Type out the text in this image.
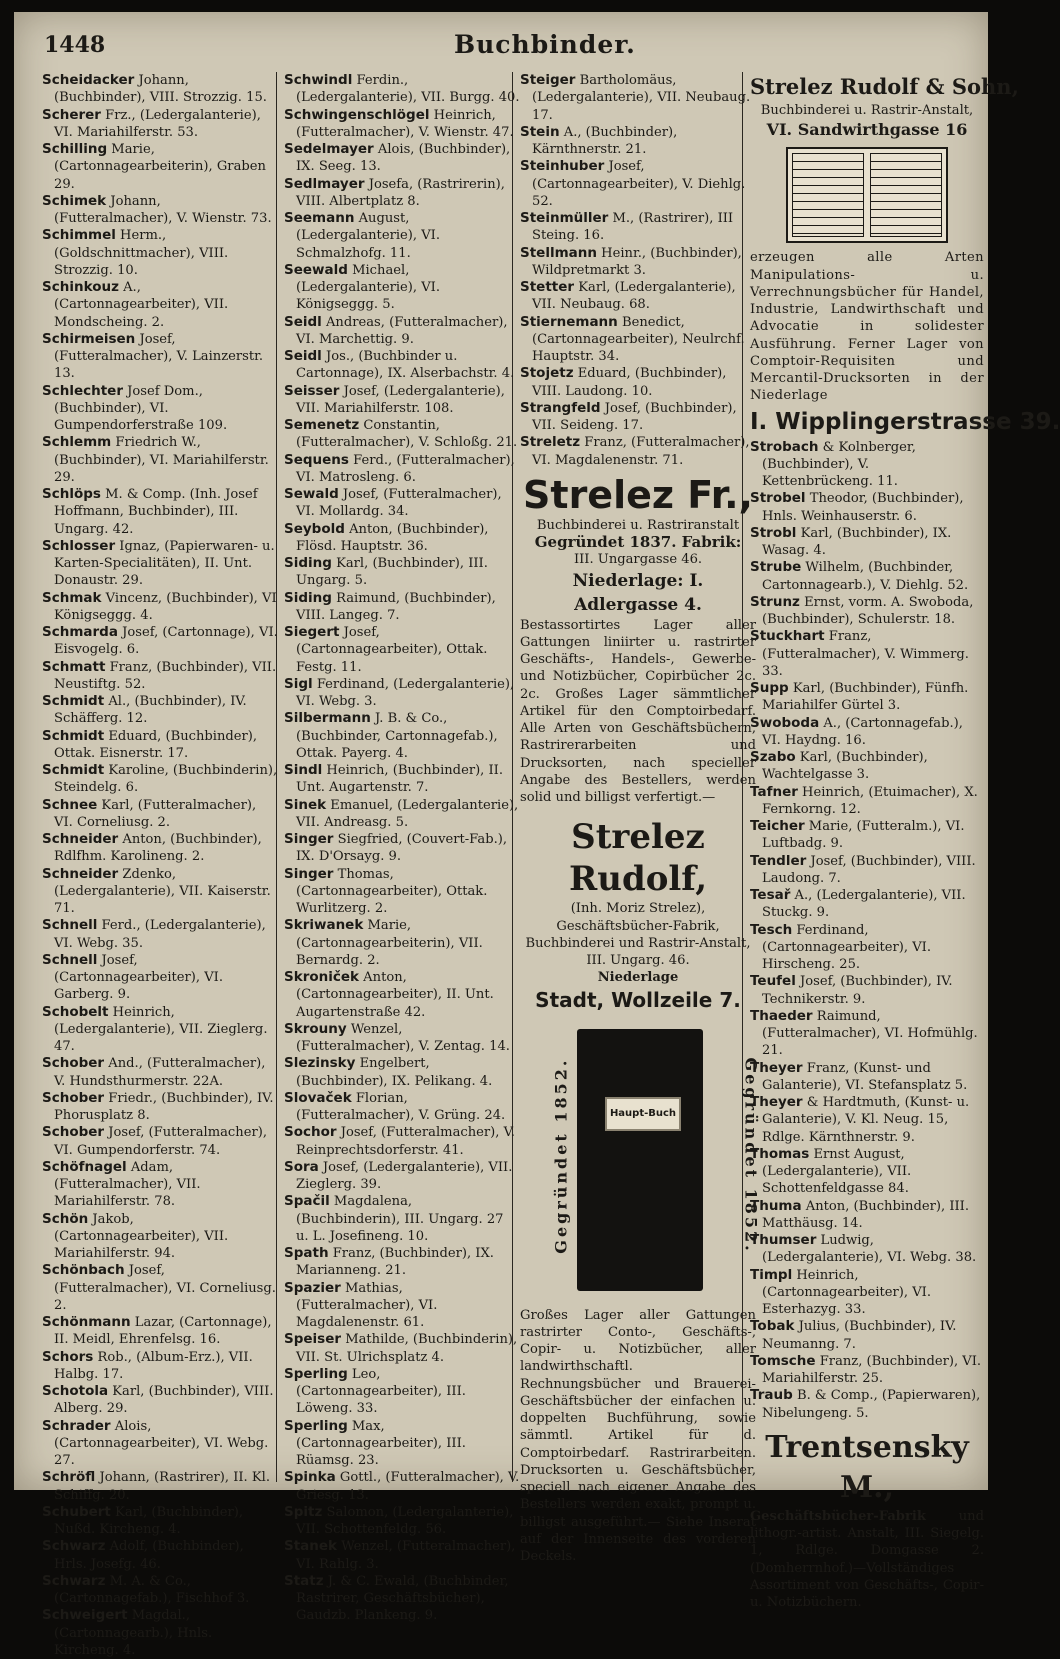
1448	Buchbinder.

Scheidacker Johann, (Buchbinder), VIII. Strozzig. 15.

Scherer Frz., (Ledergalanterie), VI. Mariahilferstr. 53.

Schilling Marie, (Cartonnagearbeiterin), Graben 29.

Schimek Johann, (Futteralmacher), V. Wienstr. 73.

Schimmel Herm., (Goldschnittmacher), VIII. Strozzig. 10.

Schinkouz A., (Cartonnagearbeiter), VII. Mondscheing. 2.

Schirmeisen Josef, (Futteralmacher), V. Lainzerstr. 13.

Schlechter Josef Dom., (Buchbinder), VI. Gumpendorferstraße 109.

Schlemm Friedrich W., (Buchbinder), VI. Mariahilferstr. 29.

Schlöps M. & Comp. (Inh. Josef Hoffmann, Buchbinder), III. Ungarg. 42.

Schlosser Ignaz, (Papierwaren- u. Karten-Specialitäten), II. Unt. Donaustr. 29.

Schmak Vincenz, (Buchbinder), VI Königseggg. 4.

Schmarda Josef, (Cartonnage), VI. Eisvogelg. 6.

Schmatt Franz, (Buchbinder), VII. Neustiftg. 52.

Schmidt Al., (Buchbinder), IV. Schäfferg. 12.

Schmidt Eduard, (Buchbinder), Ottak. Eisnerstr. 17.

Schmidt Karoline, (Buchbinderin), Steindelg. 6.

Schnee Karl, (Futteralmacher), VI. Corneliusg. 2.

Schneider Anton, (Buchbinder), Rdlfhm. Karolineng. 2.

Schneider Zdenko, (Ledergalanterie), VII. Kaiserstr. 71.

Schnell Ferd., (Ledergalanterie), VI. Webg. 35.

Schnell Josef, (Cartonnagearbeiter), VI. Garberg. 9.

Schobelt Heinrich, (Ledergalanterie), VII. Zieglerg. 47.

Schober And., (Futteralmacher), V. Hundsthurmerstr. 22A.

Schober Friedr., (Buchbinder), IV. Phorusplatz 8.

Schober Josef, (Futteralmacher), VI. Gumpendorferstr. 74.

Schöfnagel Adam, (Futteralmacher), VII. Mariahilferstr. 78.

Schön Jakob, (Cartonnagearbeiter), VII. Mariahilferstr. 94.

Schönbach Josef, (Futteralmacher), VI. Corneliusg. 2.

Schönmann Lazar, (Cartonnage), II. Meidl, Ehrenfelsg. 16.

Schors Rob., (Album-Erz.), VII. Halbg. 17.

Schotola Karl, (Buchbinder), VIII. Alberg. 29.

Schrader Alois, (Cartonnagearbeiter), VI. Webg. 27.

Schröfl Johann, (Rastrirer), II. Kl. Schiffg. 20.

Schubert Karl, (Buchbinder), Nußd. Kircheng. 4.

Schwarz Adolf, (Buchbinder), Hrls. Josefg. 46.

Schwarz M. A. & Co., (Cartonnagefab.), Fischhof 3.

Schweigert Magdal., (Cartonnagearb.), Hnls. Kircheng. 4.

Schwindl Ferdin., (Ledergalanterie), VII. Burgg. 40.

Schwingenschlögel Heinrich, (Futteralmacher), V. Wienstr. 47.

Sedelmayer Alois, (Buchbinder), IX. Seeg. 13.

Sedlmayer Josefa, (Rastrirerin), VIII. Albertplatz 8.

Seemann August, (Ledergalanterie), VI. Schmalzhofg. 11.

Seewald Michael, (Ledergalanterie), VI. Königseggg. 5.

Seidl Andreas, (Futteralmacher), VI. Marchettig. 9.

Seidl Jos., (Buchbinder u. Cartonnage), IX. Alserbachstr. 4.

Seisser Josef, (Ledergalanterie), VII. Mariahilferstr. 108.

Semenetz Constantin, (Futteralmacher), V. Schloßg. 21.

Sequens Ferd., (Futteralmacher), VI. Matrosleng. 6.

Sewald Josef, (Futteralmacher), VI. Mollardg. 34.

Seybold Anton, (Buchbinder), Flösd. Hauptstr. 36.

Siding Karl, (Buchbinder), III. Ungarg. 5.

Siding Raimund, (Buchbinder), VIII. Langeg. 7.

Siegert Josef, (Cartonnagearbeiter), Ottak. Festg. 11.

Sigl Ferdinand, (Ledergalanterie), VI. Webg. 3.

Silbermann J. B. & Co., (Buchbinder, Cartonnagefab.), Ottak. Payerg. 4.

Sindl Heinrich, (Buchbinder), II. Unt. Augartenstr. 7.

Sinek Emanuel, (Ledergalanterie), VII. Andreasg. 5.

Singer Siegfried, (Couvert-Fab.), IX. D'Orsayg. 9.

Singer Thomas, (Cartonnagearbeiter), Ottak. Wurlitzerg. 2.

Skriwanek Marie, (Cartonnagearbeiterin), VII. Bernardg. 2.

Skroniček Anton, (Cartonnagearbeiter), II. Unt. Augartenstraße 42.

Skrouny Wenzel, (Futteralmacher), V. Zentag. 14.

Slezinsky Engelbert, (Buchbinder), IX. Pelikang. 4.

Slovaček Florian, (Futteralmacher), V. Grüng. 24.

Sochor Josef, (Futteralmacher), V. Reinprechtsdorferstr. 41.

Sora Josef, (Ledergalanterie), VII. Zieglerg. 39.

Spačil Magdalena, (Buchbinderin), III. Ungarg. 27 u. L. Josefineng. 10.

Spath Franz, (Buchbinder), IX. Marianneng. 21.

Spazier Mathias, (Futteralmacher), VI. Magdalenenstr. 61.

Speiser Mathilde, (Buchbinderin), VII. St. Ulrichsplatz 4.

Sperling Leo, (Cartonnagearbeiter), III. Löweng. 33.

Sperling Max, (Cartonnagearbeiter), III. Rüamsg. 23.

Spinka Gottl., (Futteralmacher), V. Griesg. 13.

Spitz Salomon, (Ledergalanterie), VII. Schottenfeldg. 56.

Stanek Wenzel, (Futteralmacher), VI. Rahlg. 3.

Statz J. & C. Ewald, (Buchbinder, Rastrirer, Geschäftsbücher), Gaudzb. Plankeng. 9.

Steiger Bartholomäus, (Ledergalanterie), VII. Neubaug. 17.

Stein A., (Buchbinder), Kärnthnerstr. 21.

Steinhuber Josef, (Cartonnagearbeiter), V. Diehlg. 52.

Steinmüller M., (Rastrirer), III Steing. 16.

Stellmann Heinr., (Buchbinder), Wildpretmarkt 3.

Stetter Karl, (Ledergalanterie), VII. Neubaug. 68.

Stiernemann Benedict, (Cartonnagearbeiter), Neulrchf. Hauptstr. 34.

Stojetz Eduard, (Buchbinder), VIII. Laudong. 10.

Strangfeld Josef, (Buchbinder), VII. Seideng. 17.

Streletz Franz, (Futteralmacher), VI. Magdalenenstr. 71.

Strelez Fr.,
Buchbinderei u. Rastriranstalt
Gegründet 1837. Fabrik:
III. Ungargasse 46.
Niederlage: I. Adlergasse 4.
Bestassortirtes Lager aller Gattungen liniirter u. rastrirter Geschäfts-, Handels-, Gewerbe- und Notizbücher, Copirbücher 2c. 2c. Großes Lager sämmtlicher Artikel für den Comptoirbedarf. Alle Arten von Geschäftsbüchern, Rastrirerarbeiten und Drucksorten, nach specieller Angabe des Bestellers, werden solid und billigst verfertigt.—
Strelez Rudolf,
(Inh. Moriz Strelez), Geschäftsbücher-Fabrik, Buchbinderei und Rastrir-Anstalt, III. Ungarg. 46.
Niederlage
Stadt, Wollzeile 7.
Gegründet 1852.	Haupt-Buch	Gegründet 1852.
Großes Lager aller Gattungen rastrirter Conto-, Geschäfts-, Copir- u. Notizbücher, aller landwirthschaftl. Rechnungsbücher und Brauerei-Geschäftsbücher der einfachen u. doppelten Buchführung, sowie sämmtl. Artikel für d. Comptoirbedarf. Rastrirarbeiten. Drucksorten u. Geschäftsbücher, speciell nach eigener Angabe des Bestellers werden exakt, prompt u. billigst ausgeführt.— Siehe Inserat auf der Innenseite des vorderen Deckels.
Strelez Rudolf & Sohn,
Buchbinderei u. Rastrir-Anstalt,
VI. Sandwirthgasse 16
erzeugen alle Arten Manipulations- u. Verrechnungsbücher für Handel, Industrie, Landwirthschaft und Advocatie in solidester Ausführung. Ferner Lager von Comptoir-Requisiten und Mercantil-Drucksorten in der Niederlage
I. Wipplingerstrasse 39.

Strobach & Kolnberger, (Buchbinder), V. Kettenbrückeng. 11.

Strobel Theodor, (Buchbinder), Hnls. Weinhauserstr. 6.

Strobl Karl, (Buchbinder), IX. Wasag. 4.

Strube Wilhelm, (Buchbinder, Cartonnagearb.), V. Diehlg. 52.

Strunz Ernst, vorm. A. Swoboda, (Buchbinder), Schulerstr. 18.

Stuckhart Franz, (Futteralmacher), V. Wimmerg. 33.

Supp Karl, (Buchbinder), Fünfh. Mariahilfer Gürtel 3.

Swoboda A., (Cartonnagefab.), VI. Haydng. 16.

Szabo Karl, (Buchbinder), Wachtelgasse 3.

Tafner Heinrich, (Etuimacher), X. Fernkorng. 12.

Teicher Marie, (Futteralm.), VI. Luftbadg. 9.

Tendler Josef, (Buchbinder), VIII. Laudong. 7.

Tesař A., (Ledergalanterie), VII. Stuckg. 9.

Tesch Ferdinand, (Cartonnagearbeiter), VI. Hirscheng. 25.

Teufel Josef, (Buchbinder), IV. Technikerstr. 9.

Thaeder Raimund, (Futteralmacher), VI. Hofmühlg. 21.

Theyer Franz, (Kunst- und Galanterie), VI. Stefansplatz 5.

Theyer & Hardtmuth, (Kunst- u. Galanterie), V. Kl. Neug. 15, Rdlge. Kärnthnerstr. 9.

Thomas Ernst August, (Ledergalanterie), VII. Schottenfeldgasse 84.

Thuma Anton, (Buchbinder), III. Matthäusg. 14.

Thumser Ludwig, (Ledergalanterie), VI. Webg. 38.

Timpl Heinrich, (Cartonnagearbeiter), VI. Esterhazyg. 33.

Tobak Julius, (Buchbinder), IV. Neumanng. 7.

Tomsche Franz, (Buchbinder), VI. Mariahilferstr. 25.

Traub B. & Comp., (Papierwaren), Nibelungeng. 5.

Trentsensky M.,
Geschäftsbücher-Fabrik und lithogr.-artist. Anstalt, III. Siegelg. 1, Rdlge. Domgasse 2. (Domherrnhof.)—Vollständiges Assortiment von Geschäfts-, Copir- u. Notizbüchern.
